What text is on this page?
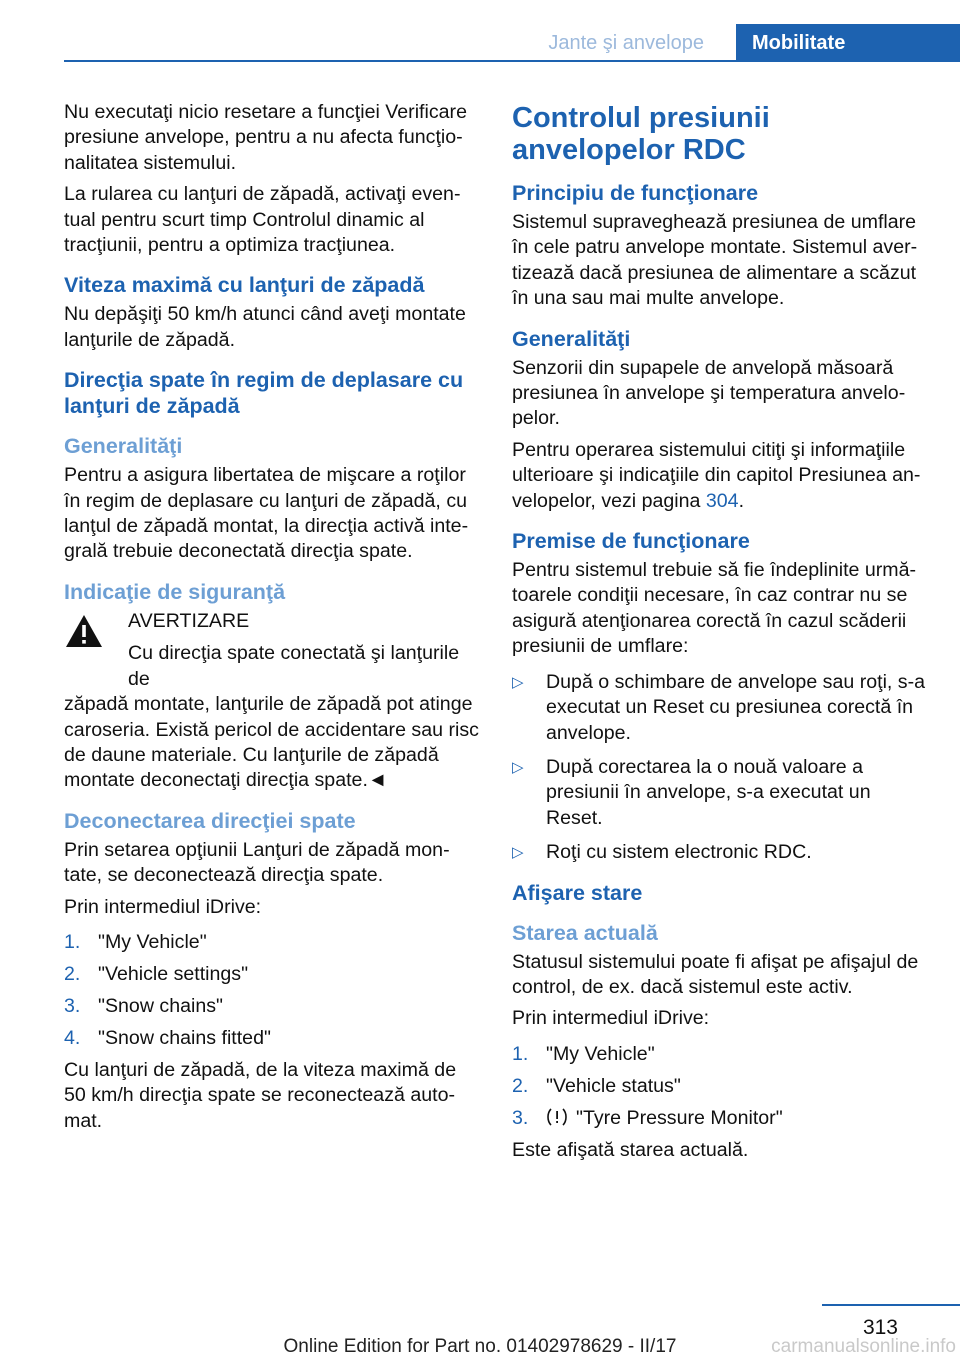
Jante şi anvelope	Mobilitate

Nu executaţi nicio resetare a funcţiei Verificare presiune anvelope, pentru a nu afecta funcţionalitatea sistemului.

La rularea cu lanţuri de zăpadă, activaţi eventual pentru scurt timp Controlul dinamic al tracţiunii, pentru a optimiza tracţiunea.

Viteza maximă cu lanţuri de zăpadă

Nu depăşiţi 50 km/h atunci când aveţi montate lanţurile de zăpadă.

Direcţia spate în regim de deplasare cu lanţuri de zăpadă
Generalităţi

Pentru a asigura libertatea de mişcare a roţilor în regim de deplasare cu lanţuri de zăpadă, cu lanţul de zăpadă montat, la direcţia activă integrală trebuie deconectată direcţia spate.

Indicaţie de siguranţă
AVERTIZARE
Cu direcţia spate conectată şi lanţurile de
zăpadă montate, lanţurile de zăpadă pot atinge caroseria. Există pericol de accidentare sau risc de daune materiale. Cu lanţurile de zăpadă montate deconectaţi direcţia spate.◄
Deconectarea direcţiei spate

Prin setarea opţiunii Lanţuri de zăpadă montate, se deconectează direcţia spate.

Prin intermediul iDrive:

1. "My Vehicle"
2. "Vehicle settings"
3. "Snow chains"
4. "Snow chains fitted"

Cu lanţuri de zăpadă, de la viteza maximă de 50 km/h direcţia spate se reconectează automat.

Controlul presiunii anvelopelor RDC
Principiu de funcţionare

Sistemul supraveghează presiunea de umflare în cele patru anvelope montate. Sistemul avertizează dacă presiunea de alimentare a scăzut în una sau mai multe anvelope.

Generalităţi

Senzorii din supapele de anvelopă măsoară presiunea în anvelope şi temperatura anvelopelor.

Pentru operarea sistemului citiţi şi informaţiile ulterioare şi indicaţiile din capitol Presiunea anvelopelor, vezi pagina 304.

Premise de funcţionare

Pentru sistemul trebuie să fie îndeplinite următoarele condiţii necesare, în caz contrar nu se asigură atenţionarea corectă în cazul scăderii presiunii de umflare:

▷ După o schimbare de anvelope sau roţi, s-a executat un Reset cu presiunea corectă în anvelope.
▷ După corectarea la o nouă valoare a presiunii în anvelope, s-a executat un Reset.
▷ Roţi cu sistem electronic RDC.
Afişare stare
Starea actuală

Statusul sistemului poate fi afişat pe afişajul de control, de ex. dacă sistemul este activ.

Prin intermediul iDrive:

1. "My Vehicle"
2. "Vehicle status"
3. "Tyre Pressure Monitor"

Este afişată starea actuală.

313
Online Edition for Part no. 01402978629 - II/17	carmanualsonline.info
